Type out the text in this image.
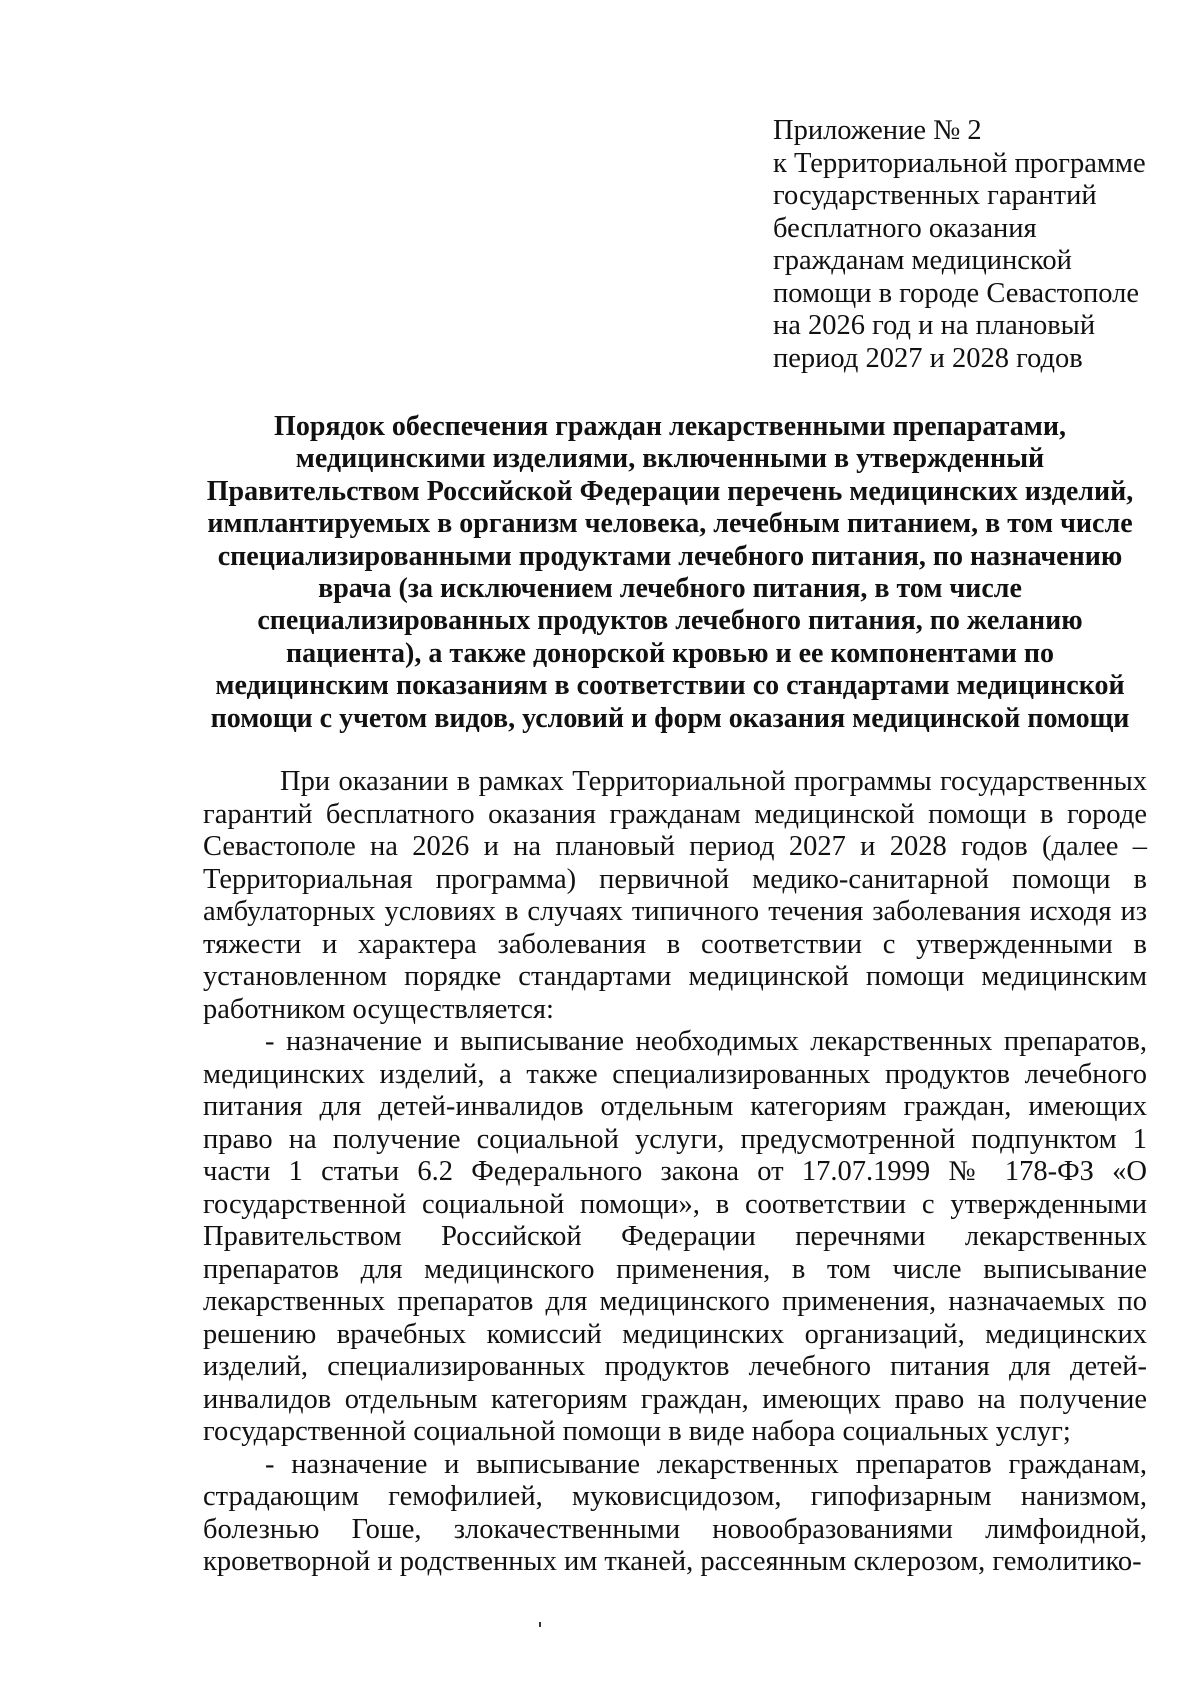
Приложение № 2
к Территориальной программе
государственных гарантий
бесплатного оказания
гражданам медицинской
помощи в городе Севастополе
на 2026 год и на плановый
период 2027 и 2028 годов
Порядок обеспечения граждан лекарственными препаратами,
медицинскими изделиями, включенными в утвержденный
Правительством Российской Федерации перечень медицинских изделий,
имплантируемых в организм человека, лечебным питанием, в том числе
специализированными продуктами лечебного питания, по назначению
врача (за исключением лечебного питания, в том числе
специализированных продуктов лечебного питания, по желанию
пациента), а также донорской кровью и ее компонентами по
медицинским показаниям в соответствии со стандартами медицинской
помощи с учетом видов, условий и форм оказания медицинской помощи

При оказании в рамках Территориальной программы государственных гарантий бесплатного оказания гражданам медицинской помощи в городе Севастополе на 2026 и на плановый период 2027 и 2028 годов (далее – Территориальная программа) первичной медико-санитарной помощи в амбулаторных условиях в случаях типичного течения заболевания исходя из тяжести и характера заболевания в соответствии с утвержденными в установленном порядке стандартами медицинской помощи медицинским работником осуществляется:

- назначение и выписывание необходимых лекарственных препаратов, медицинских изделий, а также специализированных продуктов лечебного питания для детей-инвалидов отдельным категориям граждан, имеющих право на получение социальной услуги, предусмотренной подпунктом 1 части 1 статьи 6.2 Федерального закона от 17.07.1999 № 178-ФЗ «О государственной социальной помощи», в соответствии с утвержденными Правительством Российской Федерации перечнями лекарственных препаратов для медицинского применения, в том числе выписывание лекарственных препаратов для медицинского применения, назначаемых по решению врачебных комиссий медицинских организаций, медицинских изделий, специализированных продуктов лечебного питания для детей-инвалидов отдельным категориям граждан, имеющих право на получение государственной социальной помощи в виде набора социальных услуг;

- назначение и выписывание лекарственных препаратов гражданам, страдающим гемофилией, муковисцидозом, гипофизарным нанизмом, болезнью Гоше, злокачественными новообразованиями лимфоидной, кроветворной и родственных им тканей, рассеянным склерозом, гемолитико-
